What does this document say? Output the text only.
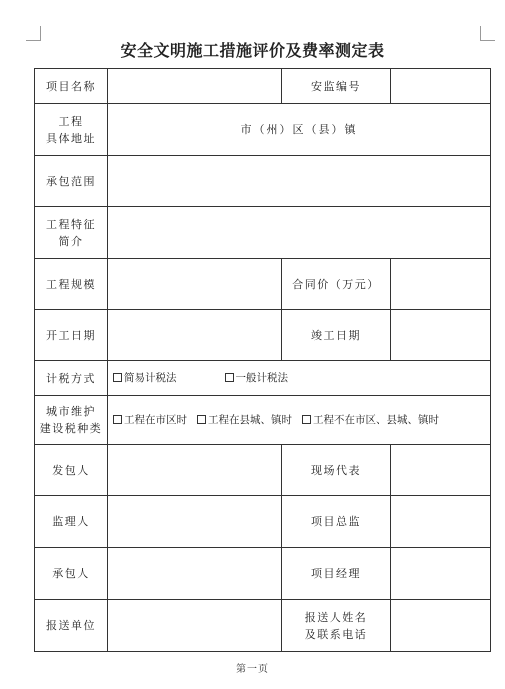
安全文明施工措施评价及费率测定表
项目名称		安监编号	

工程
具体地址	市（州）区（县）镇		
承包范围			

工程特征
简介			

工程规模		合同价（万元）	
开工日期		竣工日期	
计税方式	简易计税法 一般计税法		

城市维护
建设税种类	工程在市区时 工程在县城、镇时 工程不在市区、县城、镇时		
发包人		现场代表	
监理人		项目总监	
承包人		项目经理	
报送单位		报送人姓名
及联系电话	

第一页
